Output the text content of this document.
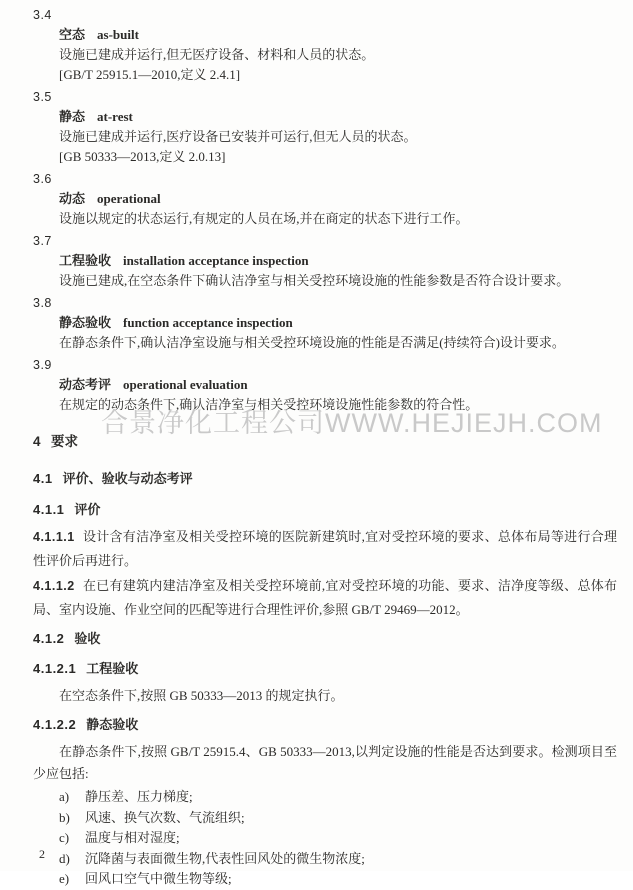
3.4
空态 as-built
设施已建成并运行,但无医疗设备、材料和人员的状态。
[GB/T 25915.1—2010,定义 2.4.1]
3.5
静态 at-rest
设施已建成并运行,医疗设备已安装并可运行,但无人员的状态。
[GB 50333—2013,定义 2.0.13]
3.6
动态 operational
设施以规定的状态运行,有规定的人员在场,并在商定的状态下进行工作。
3.7
工程验收 installation acceptance inspection
设施已建成,在空态条件下确认洁净室与相关受控环境设施的性能参数是否符合设计要求。
3.8
静态验收 function acceptance inspection
在静态条件下,确认洁净室设施与相关受控环境设施的性能是否满足(持续符合)设计要求。
3.9
动态考评 operational evaluation
在规定的动态条件下,确认洁净室与相关受控环境设施性能参数的符合性。
4 要求
4.1 评价、验收与动态考评
4.1.1 评价
4.1.1.1 设计含有洁净室及相关受控环境的医院新建筑时,宜对受控环境的要求、总体布局等进行合理性评价后再进行。
4.1.1.2 在已有建筑内建洁净室及相关受控环境前,宜对受控环境的功能、要求、洁净度等级、总体布局、室内设施、作业空间的匹配等进行合理性评价,参照 GB/T 29469—2012。
4.1.2 验收
4.1.2.1 工程验收
在空态条件下,按照 GB 50333—2013 的规定执行。
4.1.2.2 静态验收
在静态条件下,按照 GB/T 25915.4、GB 50333—2013,以判定设施的性能是否达到要求。检测项目至少应包括:
a) 静压差、压力梯度;
b) 风速、换气次数、气流组织;
c) 温度与相对湿度;
d) 沉降菌与表面微生物,代表性回风处的微生物浓度;
e) 回风口空气中微生物等级;
合景净化工程公司WWW.HEJIEJH.COM
2
